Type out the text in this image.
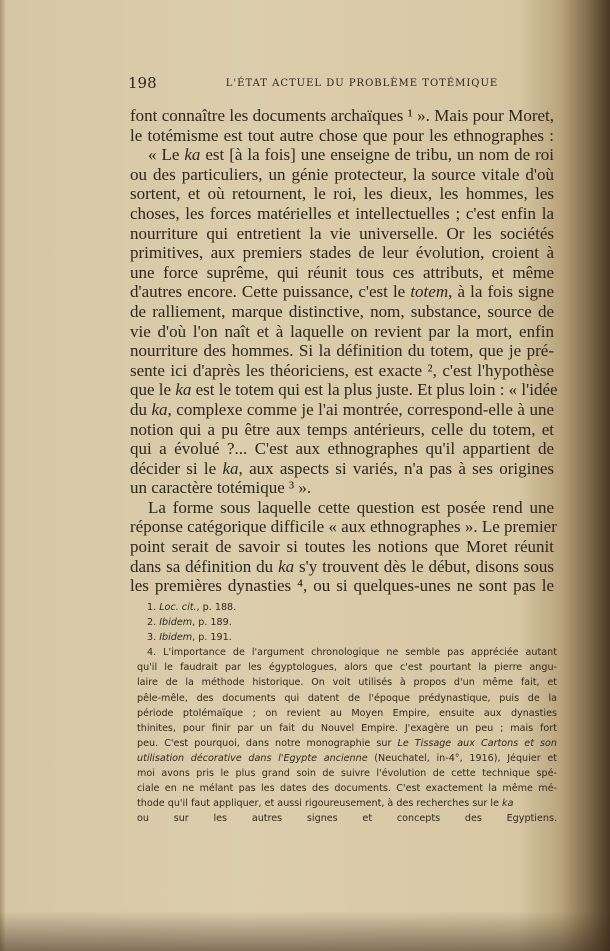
198	L'ÉTAT ACTUEL DU PROBLÈME TOTÉMIQUE
font connaître les documents archaïques ¹ ». Mais pour Moret,
le totémisme est tout autre chose que pour les ethnographes :
« Le ka est [à la fois] une enseigne de tribu, un nom de roi
ou des particuliers, un génie protecteur, la source vitale d'où
sortent, et où retournent, le roi, les dieux, les hommes, les
choses, les forces matérielles et intellectuelles ; c'est enfin la
nourriture qui entretient la vie universelle. Or les sociétés
primitives, aux premiers stades de leur évolution, croient à
une force suprême, qui réunit tous ces attributs, et même
d'autres encore. Cette puissance, c'est le totem, à la fois signe
de ralliement, marque distinctive, nom, substance, source de
vie d'où l'on naît et à laquelle on revient par la mort, enfin
nourriture des hommes. Si la définition du totem, que je pré-
sente ici d'après les théoriciens, est exacte ², c'est l'hypothèse
que le ka est le totem qui est la plus juste. Et plus loin : « l'idée
du ka, complexe comme je l'ai montrée, correspond-elle à une
notion qui a pu être aux temps antérieurs, celle du totem, et
qui a évolué ?... C'est aux ethnographes qu'il appartient de
décider si le ka, aux aspects si variés, n'a pas à ses origines
un caractère totémique ³ ».
La forme sous laquelle cette question est posée rend une
réponse catégorique difficile « aux ethnographes ». Le premier
point serait de savoir si toutes les notions que Moret réunit
dans sa définition du ka s'y trouvent dès le début, disons sous
les premières dynasties ⁴, ou si quelques-unes ne sont pas le
1. Loc. cit., p. 188.
2. Ibidem, p. 189.
3. Ibidem, p. 191.
4. L'importance de l'argument chronologique ne semble pas appréciée autant
qu'il le faudrait par les égyptologues, alors que c'est pourtant la pierre angu-
laire de la méthode historique. On voit utilisés à propos d'un même fait, et
pêle-mêle, des documents qui datent de l'époque prédynastique, puis de la
période ptolémaïque ; on revient au Moyen Empire, ensuite aux dynasties
thinites, pour finir par un fait du Nouvel Empire. J'exagère un peu ; mais fort
peu. C'est pourquoi, dans notre monographie sur Le Tissage aux Cartons et son
utilisation décorative dans l'Egypte ancienne (Neuchatel, in-4°, 1916), Jéquier et
moi avons pris le plus grand soin de suivre l'évolution de cette technique spé-
ciale en ne mélant pas les dates des documents. C'est exactement la même mé-
thode qu'il faut appliquer, et aussi rigoureusement, à des recherches sur le ka
ou sur les autres signes et concepts des Egyptiens.
